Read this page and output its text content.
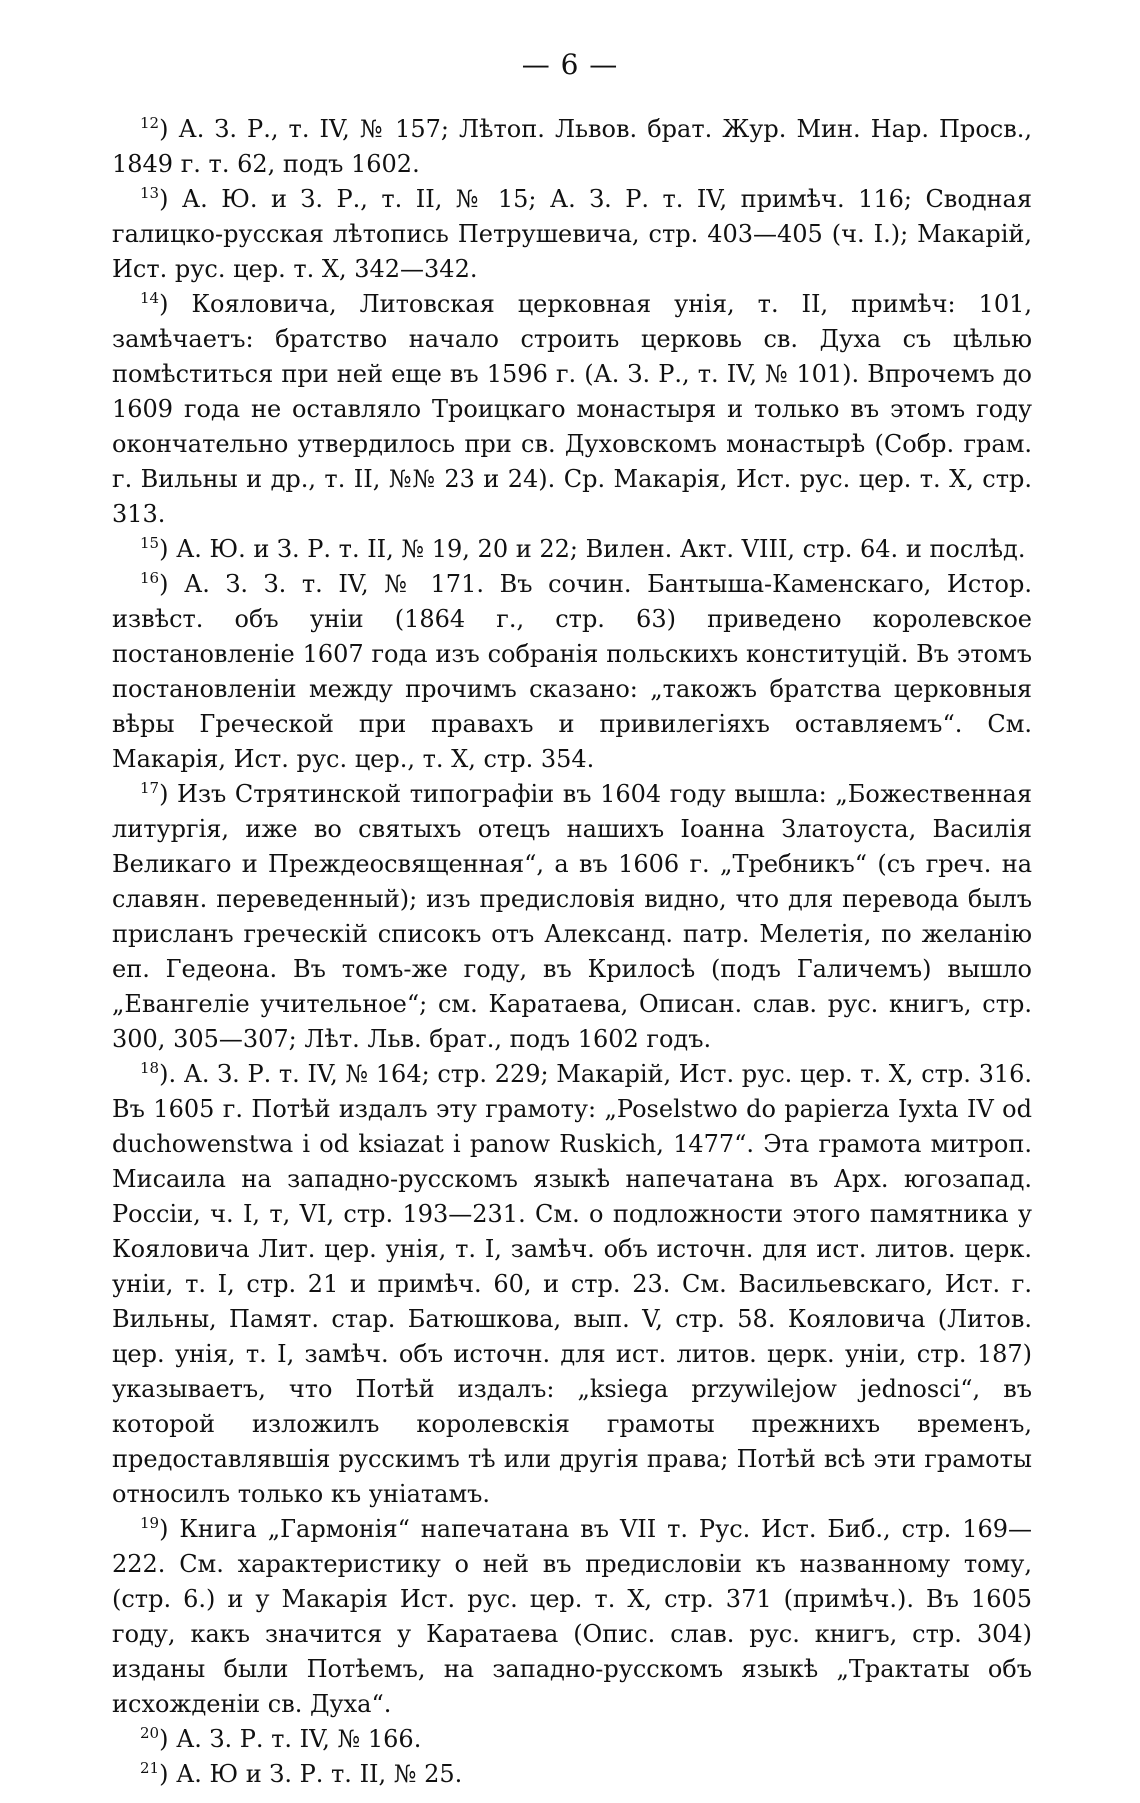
— 6 —

$^{12}$) А. З. Р., т. IV, № 157; Лѣтоп. Львов. брат. Жур. Мин. Нар. Просв., 1849 г. т. 62, подъ 1602.

$^{13}$) А. Ю. и З. Р., т. II, № 15; А. З. Р. т. IV, примѣч. 116; Сводная галицко-русская лѣтопись Петрушевича, стр. 403—405 (ч. I.); Макарій, Ист. рус. цер. т. X, 342—342.

$^{14}$) Кояловича, Литовская церковная унія, т. II, примѣч: 101, замѣчаетъ: братство начало строить церковь св. Духа съ цѣлью помѣститься при ней еще въ 1596 г. (А. З. Р., т. IV, № 101). Впрочемъ до 1609 года не оставляло Троицкаго монастыря и только въ этомъ году окончательно утвердилось при св. Духовскомъ монастырѣ (Собр. грам. г. Вильны и др., т. II, №№ 23 и 24). Ср. Макарія, Ист. рус. цер. т. X, стр. 313.

$^{15}$) А. Ю. и З. Р. т. II, № 19, 20 и 22; Вилен. Акт. VIII, стр. 64. и послѣд.

$^{16}$) А. З. З. т. IV, № 171. Въ сочин. Бантыша-Каменскаго, Истор. извѣст. объ уніи (1864 г., стр. 63) приведено королевское постановленіе 1607 года изъ собранія польскихъ конституцій. Въ этомъ постановленіи между прочимъ сказано: „такожъ братства церковныя вѣры Греческой при правахъ и привилегіяхъ оставляемъ“. См. Макарія, Ист. рус. цер., т. X, стр. 354.

$^{17}$) Изъ Стрятинской типографіи въ 1604 году вышла: „Божественная литургія, иже во святыхъ отецъ нашихъ Іоанна Златоуста, Василія Великаго и Преждеосвященная“, а въ 1606 г. „Требникъ“ (съ греч. на славян. переведенный); изъ предисловія видно, что для перевода былъ присланъ греческій списокъ отъ Александ. патр. Мелетія, по желанію еп. Гедеона. Въ томъ-же году, въ Крилосѣ (подъ Галичемъ) вышло „Евангеліе учительное“; см. Каратаева, Описан. слав. рус. книгъ, стр. 300, 305—307; Лѣт. Льв. брат., подъ 1602 годъ.

$^{18}$). А. З. Р. т. IV, № 164; стр. 229; Макарій, Ист. рус. цер. т. X, стр. 316. Въ 1605 г. Потѣй издалъ эту грамоту: „Poselstwo do papierza Iyxta IV od duchowenstwa i od ksiazat i panow Ruskich, 1477“. Эта грамота митроп. Мисаила на западно-русскомъ языкѣ напечатана въ Арх. югозапад. Россіи, ч. I, т, VI, стр. 193—231. См. о подложности этого памятника у Кояловича Лит. цер. унія, т. I, замѣч. объ источн. для ист. литов. церк. уніи, т. I, стр. 21 и примѣч. 60, и стр. 23. См. Васильевскаго, Ист. г. Вильны, Памят. стар. Батюшкова, вып. V, стр. 58. Кояловича (Литов. цер. унія, т. I, замѣч. объ источн. для ист. литов. церк. уніи, стр. 187) указываетъ, что Потѣй издалъ: „ksiega przywilejow jednosci“, въ которой изложилъ королевскія грамоты прежнихъ временъ, предоставлявшія русскимъ тѣ или другія права; Потѣй всѣ эти грамоты относилъ только къ уніатамъ.

$^{19}$) Книга „Гармонія“ напечатана въ VII т. Рус. Ист. Биб., стр. 169—222. См. характеристику о ней въ предисловіи къ названному тому, (стр. 6.) и у Макарія Ист. рус. цер. т. X, стр. 371 (примѣч.). Въ 1605 году, какъ значится у Каратаева (Опис. слав. рус. книгъ, стр. 304) изданы были Потѣемъ, на западно-русскомъ языкѣ „Трактаты объ исхожденіи св. Духа“.

$^{20}$) А. З. Р. т. IV, № 166.

$^{21}$) А. Ю и З. Р. т. II, № 25.
